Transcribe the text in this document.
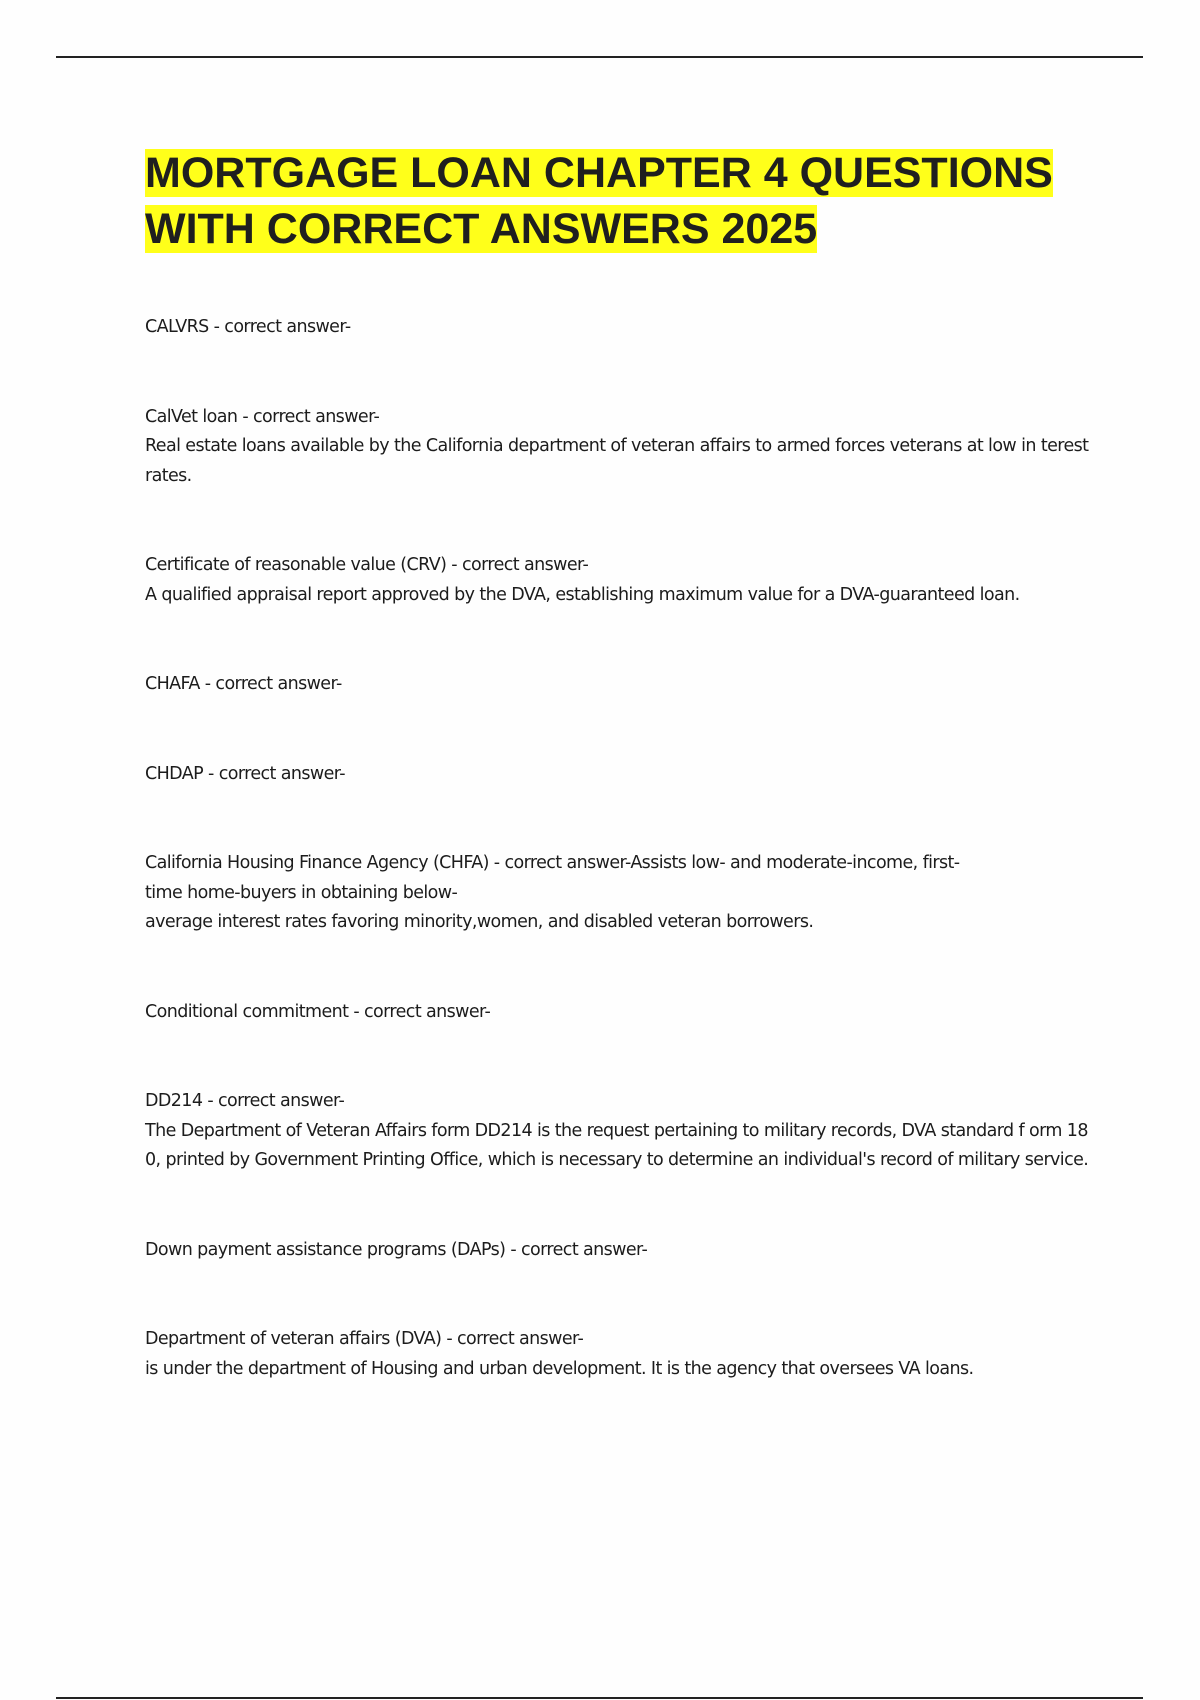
MORTGAGE LOAN CHAPTER 4 QUESTIONS WITH CORRECT ANSWERS 2025

CALVRS - correct answer-

CalVet loan - correct answer-
Real estate loans available by the California department of veteran affairs to armed forces veterans at low in terest rates.

Certificate of reasonable value (CRV) - correct answer-
A qualified appraisal report approved by the DVA, establishing maximum value for a DVA-guaranteed loan.

CHAFA - correct answer-

CHDAP - correct answer-

California Housing Finance Agency (CHFA) - correct answer-Assists low- and moderate-income, first-
time home-buyers in obtaining below-
average interest rates favoring minority,women, and disabled veteran borrowers.

Conditional commitment - correct answer-

DD214 - correct answer-
The Department of Veteran Affairs form DD214 is the request pertaining to military records, DVA standard f orm 180, printed by Government Printing Office, which is necessary to determine an individual's record of military service.

Down payment assistance programs (DAPs) - correct answer-

Department of veteran affairs (DVA) - correct answer-
is under the department of Housing and urban development. It is the agency that oversees VA loans.
